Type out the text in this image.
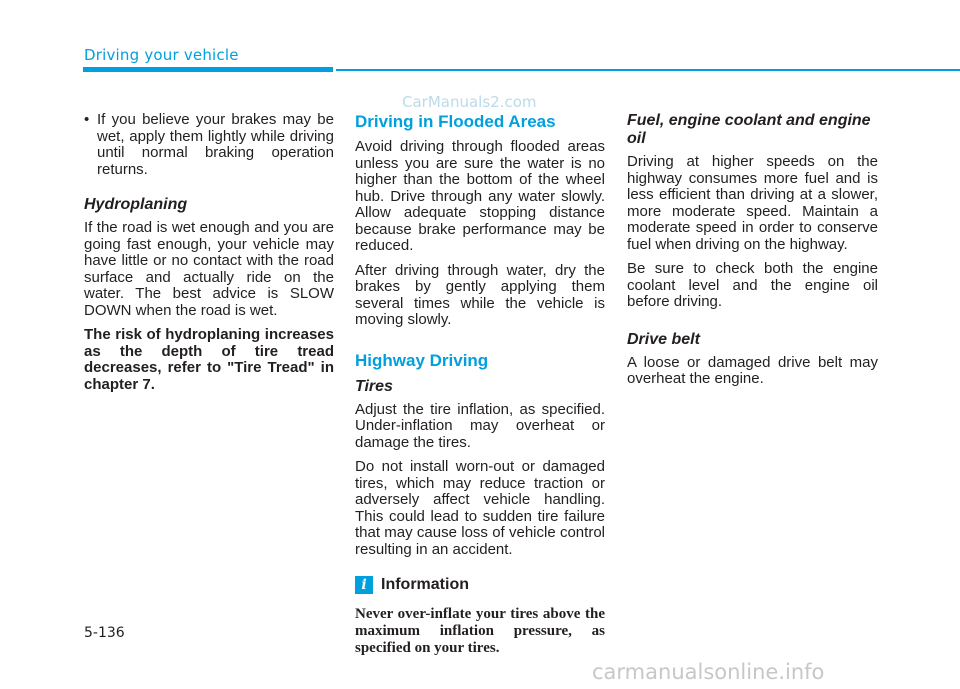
Driving your vehicle
CarManuals2.com

• If you believe your brakes may be wet, apply them lightly while driving until normal braking operation returns.

Hydroplaning

If the road is wet enough and you are going fast enough, your vehicle may have little or no contact with the road surface and actually ride on the water. The best advice is SLOW DOWN when the road is wet.

The risk of hydroplaning increases as the depth of tire tread decreases, refer to "Tire Tread" in chapter 7.

Driving in Flooded Areas

Avoid driving through flooded areas unless you are sure the water is no higher than the bottom of the wheel hub. Drive through any water slowly. Allow adequate stopping distance because brake performance may be reduced.

After driving through water, dry the brakes by gently applying them several times while the vehicle is moving slowly.

Highway Driving
Tires

Adjust the tire inflation, as specified. Under-inflation may overheat or damage the tires.

Do not install worn-out or damaged tires, which may reduce traction or adversely affect vehicle handling. This could lead to sudden tire failure that may cause loss of vehicle control resulting in an accident.

i Information

Never over-inflate your tires above the maximum inflation pressure, as specified on your tires.

Fuel, engine coolant and engine oil

Driving at higher speeds on the highway consumes more fuel and is less efficient than driving at a slower, more moderate speed. Maintain a moderate speed in order to conserve fuel when driving on the highway.

Be sure to check both the engine coolant level and the engine oil before driving.

Drive belt

A loose or damaged drive belt may overheat the engine.

5-136
carmanualsonline.info
